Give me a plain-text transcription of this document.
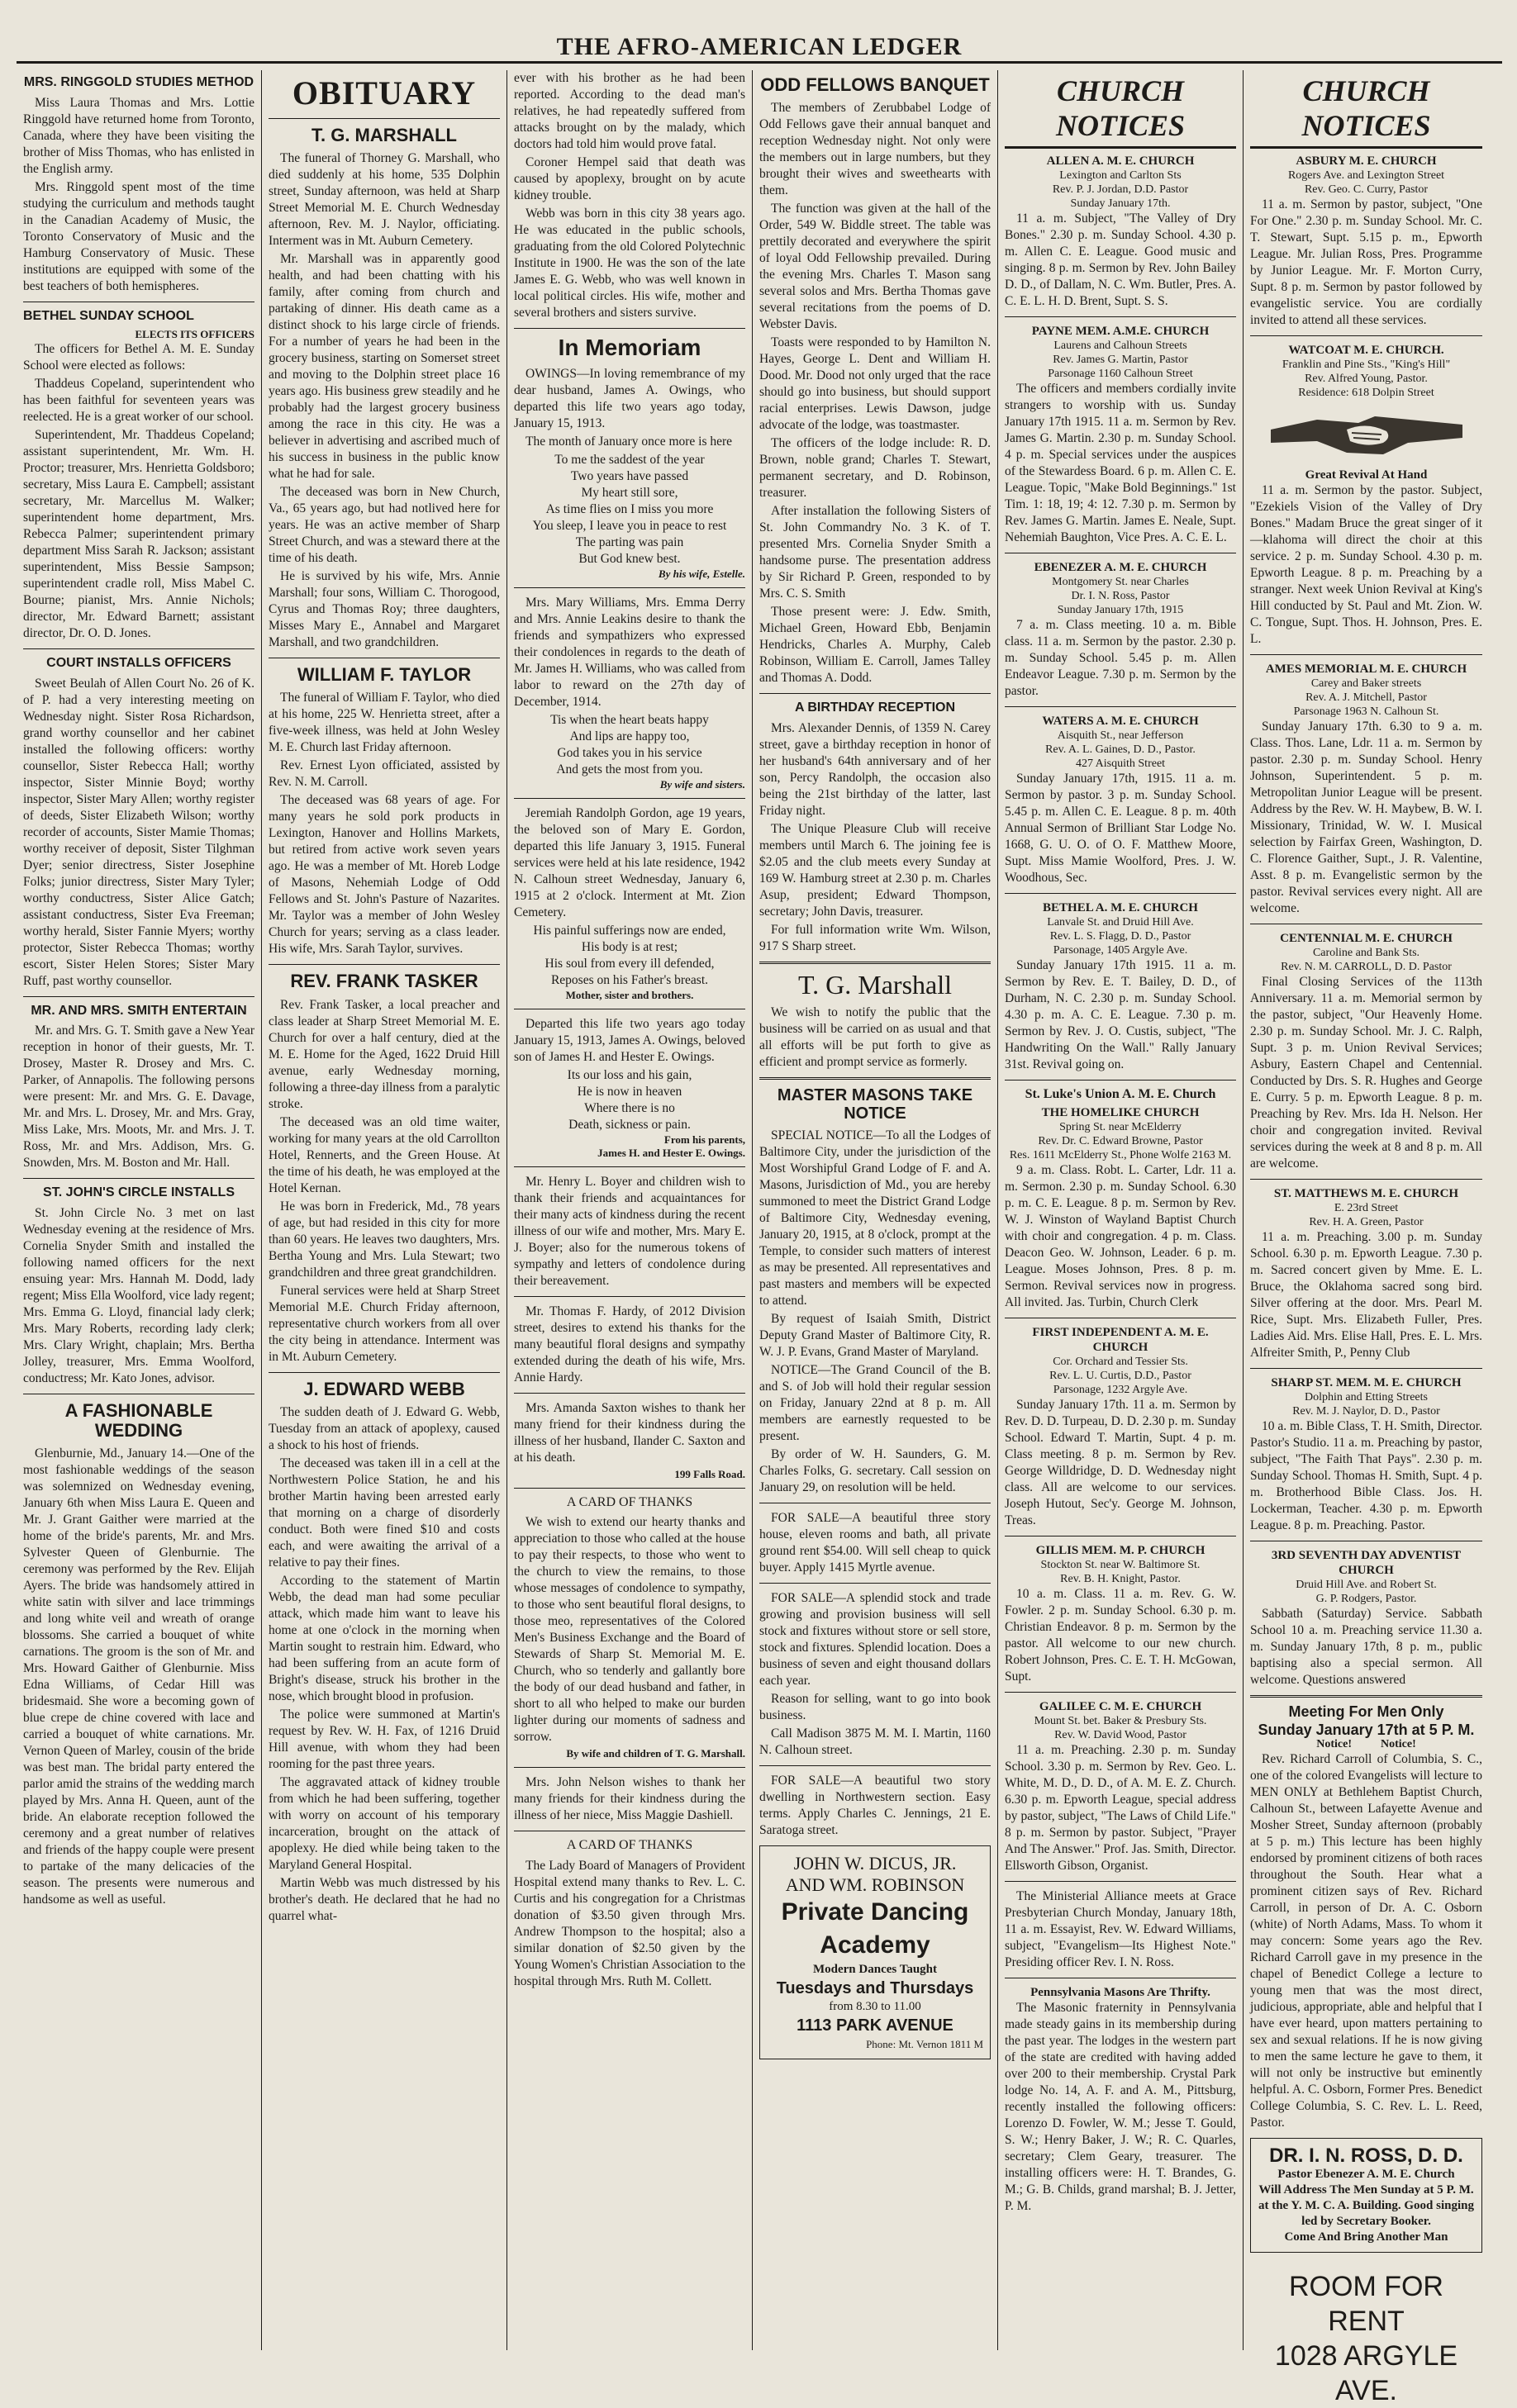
THE AFRO-AMERICAN LEDGER
MRS. RINGGOLD STUDIES METHOD

Miss Laura Thomas and Mrs. Lottie Ringgold have returned home from Toronto, Canada, where they have been visiting the brother of Miss Thomas, who has enlisted in the English army.

Mrs. Ringgold spent most of the time studying the curriculum and methods taught in the Canadian Academy of Music, the Toronto Conservatory of Music and the Hamburg Conservatory of Music. These institutions are equipped with some of the best teachers of both hemispheres.

BETHEL SUNDAY SCHOOL
ELECTS ITS OFFICERS

The officers for Bethel A. M. E. Sunday School were elected as follows:

Thaddeus Copeland, superintendent who has been faithful for seventeen years was reelected. He is a great worker of our school.

Superintendent, Mr. Thaddeus Copeland; assistant superintendent, Mr. Wm. H. Proctor; treasurer, Mrs. Henrietta Goldsboro; secretary, Miss Laura E. Campbell; assistant secretary, Mr. Marcellus M. Walker; superintendent home department, Mrs. Rebecca Palmer; superintendent primary department Miss Sarah R. Jackson; assistant superintendent, Miss Bessie Sampson; superintendent cradle roll, Miss Mabel C. Bourne; pianist, Mrs. Annie Nichols; director, Mr. Edward Barnett; assistant director, Dr. O. D. Jones.

COURT INSTALLS OFFICERS

Sweet Beulah of Allen Court No. 26 of K. of P. had a very interesting meeting on Wednesday night. Sister Rosa Richardson, grand worthy counsellor and her cabinet installed the following officers: worthy counsellor, Sister Rebecca Hall; worthy inspector, Sister Minnie Boyd; worthy inspector, Sister Mary Allen; worthy register of deeds, Sister Elizabeth Wilson; worthy recorder of accounts, Sister Mamie Thomas; worthy receiver of deposit, Sister Tilghman Dyer; senior directress, Sister Josephine Folks; junior directress, Sister Mary Tyler; worthy conductress, Sister Alice Gatch; assistant conductress, Sister Eva Freeman; worthy herald, Sister Fannie Myers; worthy protector, Sister Rebecca Thomas; worthy escort, Sister Helen Stores; Sister Mary Ruff, past worthy counsellor.

MR. AND MRS. SMITH ENTERTAIN

Mr. and Mrs. G. T. Smith gave a New Year reception in honor of their guests, Mr. T. Drosey, Master R. Drosey and Mrs. C. Parker, of Annapolis. The following persons were present: Mr. and Mrs. G. E. Davage, Mr. and Mrs. L. Drosey, Mr. and Mrs. Gray, Miss Lake, Mrs. Moots, Mr. and Mrs. J. T. Ross, Mr. and Mrs. Addison, Mrs. G. Snowden, Mrs. M. Boston and Mr. Hall.

ST. JOHN'S CIRCLE INSTALLS

St. John Circle No. 3 met on last Wednesday evening at the residence of Mrs. Cornelia Snyder Smith and installed the following named officers for the next ensuing year: Mrs. Hannah M. Dodd, lady regent; Miss Ella Woolford, vice lady regent; Mrs. Emma G. Lloyd, financial lady clerk; Mrs. Mary Roberts, recording lady clerk; Mrs. Clary Wright, chaplain; Mrs. Bertha Jolley, treasurer, Mrs. Emma Woolford, conductress; Mr. Kato Jones, advisor.

A FASHIONABLE WEDDING

Glenburnie, Md., January 14.—One of the most fashionable weddings of the season was solemnized on Wednesday evening, January 6th when Miss Laura E. Queen and Mr. J. Grant Gaither were married at the home of the bride's parents, Mr. and Mrs. Sylvester Queen of Glenburnie. The ceremony was performed by the Rev. Elijah Ayers. The bride was handsomely attired in white satin with silver and lace trimmings and long white veil and wreath of orange blossoms. She carried a bouquet of white carnations. The groom is the son of Mr. and Mrs. Howard Gaither of Glenburnie. Miss Edna Williams, of Cedar Hill was bridesmaid. She wore a becoming gown of blue crepe de chine covered with lace and carried a bouquet of white carnations. Mr. Vernon Queen of Marley, cousin of the bride was best man. The bridal party entered the parlor amid the strains of the wedding march played by Mrs. Anna H. Queen, aunt of the bride. An elaborate reception followed the ceremony and a great number of relatives and friends of the happy couple were present to partake of the many delicacies of the season. The presents were numerous and handsome as well as useful.

OBITUARY
T. G. MARSHALL

The funeral of Thorney G. Marshall, who died suddenly at his home, 535 Dolphin street, Sunday afternoon, was held at Sharp Street Memorial M. E. Church Wednesday afternoon, Rev. M. J. Naylor, officiating. Interment was in Mt. Auburn Cemetery.

Mr. Marshall was in apparently good health, and had been chatting with his family, after coming from church and partaking of dinner. His death came as a distinct shock to his large circle of friends. For a number of years he had been in the grocery business, starting on Somerset street and moving to the Dolphin street place 16 years ago. His business grew steadily and he probably had the largest grocery business among the race in this city. He was a believer in advertising and ascribed much of his success in business in the public know what he had for sale.

The deceased was born in New Church, Va., 65 years ago, but had notlived here for years. He was an active member of Sharp Street Church, and was a steward there at the time of his death.

He is survived by his wife, Mrs. Annie Marshall; four sons, William C. Thorogood, Cyrus and Thomas Roy; three daughters, Misses Mary E., Annabel and Margaret Marshall, and two grandchildren.

WILLIAM F. TAYLOR

The funeral of William F. Taylor, who died at his home, 225 W. Henrietta street, after a five-week illness, was held at John Wesley M. E. Church last Friday afternoon.

Rev. Ernest Lyon officiated, assisted by Rev. N. M. Carroll.

The deceased was 68 years of age. For many years he sold pork products in Lexington, Hanover and Hollins Markets, but retired from active work seven years ago. He was a member of Mt. Horeb Lodge of Masons, Nehemiah Lodge of Odd Fellows and St. John's Pasture of Nazarites. Mr. Taylor was a member of John Wesley Church for years; serving as a class leader. His wife, Mrs. Sarah Taylor, survives.

REV. FRANK TASKER

Rev. Frank Tasker, a local preacher and class leader at Sharp Street Memorial M. E. Church for over a half century, died at the M. E. Home for the Aged, 1622 Druid Hill avenue, early Wednesday morning, following a three-day illness from a paralytic stroke.

The deceased was an old time waiter, working for many years at the old Carrollton Hotel, Rennerts, and the Green House. At the time of his death, he was employed at the Hotel Kernan.

He was born in Frederick, Md., 78 years of age, but had resided in this city for more than 60 years. He leaves two daughters, Mrs. Bertha Young and Mrs. Lula Stewart; two grandchildren and three great grandchildren.

Funeral services were held at Sharp Street Memorial M.E. Church Friday afternoon, representative church workers from all over the city being in attendance. Interment was in Mt. Auburn Cemetery.

J. EDWARD WEBB

The sudden death of J. Edward G. Webb, Tuesday from an attack of apoplexy, caused a shock to his host of friends.

The deceased was taken ill in a cell at the Northwestern Police Station, he and his brother Martin having been arrested early that morning on a charge of disorderly conduct. Both were fined $10 and costs each, and were awaiting the arrival of a relative to pay their fines.

According to the statement of Martin Webb, the dead man had some peculiar attack, which made him want to leave his home at one o'clock in the morning when Martin sought to restrain him. Edward, who had been suffering from an acute form of Bright's disease, struck his brother in the nose, which brought blood in profusion.

The police were summoned at Martin's request by Rev. W. H. Fax, of 1216 Druid Hill avenue, with whom they had been rooming for the past three years.

The aggravated attack of kidney trouble from which he had been suffering, together with worry on account of his temporary incarceration, brought on the attack of apoplexy. He died while being taken to the Maryland General Hospital.

Martin Webb was much distressed by his brother's death. He declared that he had no quarrel what-

ever with his brother as he had been reported. According to the dead man's relatives, he had repeatedly suffered from attacks brought on by the malady, which doctors had told him would prove fatal.

Coroner Hempel said that death was caused by apoplexy, brought on by acute kidney trouble.

Webb was born in this city 38 years ago. He was educated in the public schools, graduating from the old Colored Polytechnic Institute in 1900. He was the son of the late James E. G. Webb, who was well known in local political circles. His wife, mother and several brothers and sisters survive.

In Memoriam

OWINGS—In loving remembrance of my dear husband, James A. Owings, who departed this life two years ago today, January 15, 1913.

The month of January once more is here

To me the saddest of the year
Two years have passed
My heart still sore,
As time flies on I miss you more
You sleep, I leave you in peace to rest
The parting was pain
But God knew best.
By his wife, Estelle.

Mrs. Mary Williams, Mrs. Emma Derry and Mrs. Annie Leakins desire to thank the friends and sympathizers who expressed their condolences in regards to the death of Mr. James H. Williams, who was called from labor to reward on the 27th day of December, 1914.

Tis when the heart beats happy
And lips are happy too,
God takes you in his service
And gets the most from you.
By wife and sisters.

Jeremiah Randolph Gordon, age 19 years, the beloved son of Mary E. Gordon, departed this life January 3, 1915. Funeral services were held at his late residence, 1942 N. Calhoun street Wednesday, January 6, 1915 at 2 o'clock. Interment at Mt. Zion Cemetery.

His painful sufferings now are ended,
His body is at rest;
His soul from every ill defended,
Reposes on his Father's breast.
Mother, sister and brothers.

Departed this life two years ago today January 15, 1913, James A. Owings, beloved son of James H. and Hester E. Owings.

Its our loss and his gain,
He is now in heaven
Where there is no
Death, sickness or pain.
From his parents,
James H. and Hester E. Owings.

Mr. Henry L. Boyer and children wish to thank their friends and acquaintances for their many acts of kindness during the recent illness of our wife and mother, Mrs. Mary E. J. Boyer; also for the numerous tokens of sympathy and letters of condolence during their bereavement.

Mr. Thomas F. Hardy, of 2012 Division street, desires to extend his thanks for the many beautiful floral designs and sympathy extended during the death of his wife, Mrs. Annie Hardy.

Mrs. Amanda Saxton wishes to thank her many friend for their kindness during the illness of her husband, Ilander C. Saxton and at his death.

199 Falls Road.
A CARD OF THANKS

We wish to extend our hearty thanks and appreciation to those who called at the house to pay their respects, to those who went to the church to view the remains, to those whose messages of condolence to sympathy, to those who sent beautiful floral designs, to those meo, representatives of the Colored Men's Business Exchange and the Board of Stewards of Sharp St. Memorial M. E. Church, who so tenderly and gallantly bore the body of our dead husband and father, in short to all who helped to make our burden lighter during our moments of sadness and sorrow.

By wife and children of T. G. Marshall.

Mrs. John Nelson wishes to thank her many friends for their kindness during the illness of her niece, Miss Maggie Dashiell.

A CARD OF THANKS

The Lady Board of Managers of Provident Hospital extend many thanks to Rev. L. C. Curtis and his congregation for a Christmas donation of $3.50 given through Mrs. Andrew Thompson to the hospital; also a similar donation of $2.50 given by the Young Women's Christian Association to the hospital through Mrs. Ruth M. Collett.

ODD FELLOWS BANQUET

The members of Zerubbabel Lodge of Odd Fellows gave their annual banquet and reception Wednesday night. Not only were the members out in large numbers, but they brought their wives and sweethearts with them.

The function was given at the hall of the Order, 549 W. Biddle street. The table was prettily decorated and everywhere the spirit of loyal Odd Fellowship prevailed. During the evening Mrs. Charles T. Mason sang several solos and Mrs. Bertha Thomas gave several recitations from the poems of D. Webster Davis.

Toasts were responded to by Hamilton N. Hayes, George L. Dent and William H. Dood. Mr. Dood not only urged that the race should go into business, but should support racial enterprises. Lewis Dawson, judge advocate of the lodge, was toastmaster.

The officers of the lodge include: R. D. Brown, noble grand; Charles T. Stewart, permanent secretary, and D. Robinson, treasurer.

After installation the following Sisters of St. John Commandry No. 3 K. of T. presented Mrs. Cornelia Snyder Smith a handsome purse. The presentation address by Sir Richard P. Green, responded to by Mrs. C. S. Smith

Those present were: J. Edw. Smith, Michael Green, Howard Ebb, Benjamin Hendricks, Charles A. Murphy, Caleb Robinson, William E. Carroll, James Talley and Thomas A. Dodd.

A BIRTHDAY RECEPTION

Mrs. Alexander Dennis, of 1359 N. Carey street, gave a birthday reception in honor of her husband's 64th anniversary and of her son, Percy Randolph, the occasion also being the 21st birthday of the latter, last Friday night.

The Unique Pleasure Club will receive members until March 6. The joining fee is $2.05 and the club meets every Sunday at 169 W. Hamburg street at 2.30 p. m. Charles Asup, president; Edward Thompson, secretary; John Davis, treasurer.

For full information write Wm. Wilson, 917 S Sharp street.

T. G. Marshall

We wish to notify the public that the business will be carried on as usual and that all efforts will be put forth to give as efficient and prompt service as formerly.

MASTER MASONS TAKE NOTICE

SPECIAL NOTICE—To all the Lodges of Baltimore City, under the jurisdiction of the Most Worshipful Grand Lodge of F. and A. Masons, Jurisdiction of Md., you are hereby summoned to meet the District Grand Lodge of Baltimore City, Wednesday evening, January 20, 1915, at 8 o'clock, prompt at the Temple, to consider such matters of interest as may be presented. All representatives and past masters and members will be expected to attend.

By request of Isaiah Smith, District Deputy Grand Master of Baltimore City, R. W. J. P. Evans, Grand Master of Maryland.

NOTICE—The Grand Council of the B. and S. of Job will hold their regular session on Friday, January 22nd at 8 p. m. All members are earnestly requested to be present.

By order of W. H. Saunders, G. M. Charles Folks, G. secretary. Call session on January 29, on resolution will be held.

FOR SALE—A beautiful three story house, eleven rooms and bath, all private ground rent $54.00. Will sell cheap to quick buyer. Apply 1415 Myrtle avenue.

FOR SALE—A splendid stock and trade growing and provision business will sell stock and fixtures without store or sell store, stock and fixtures. Splendid location. Does a business of seven and eight thousand dollars each year.

Reason for selling, want to go into book business.

Call Madison 3875 M. M. I. Martin, 1160 N. Calhoun street.

FOR SALE—A beautiful two story dwelling in Northwestern section. Easy terms. Apply Charles C. Jennings, 21 E. Saratoga street.

JOHN W. DICUS, JR.
AND WM. ROBINSON
Private Dancing Academy
Modern Dances Taught
Tuesdays and Thursdays
from 8.30 to 11.00
1113 PARK AVENUE
Phone: Mt. Vernon 1811 M
CHURCH NOTICES
ALLEN A. M. E. CHURCH
Lexington and Carlton Sts
Rev. P. J. Jordan, D.D. Pastor
Sunday January 17th.

11 a. m. Subject, "The Valley of Dry Bones." 2.30 p. m. Sunday School. 4.30 p. m. Allen C. E. League. Good music and singing. 8 p. m. Sermon by Rev. John Bailey D. D., of Dallam, N. C. Wm. Butler, Pres. A. C. E. L. H. D. Brent, Supt. S. S.

PAYNE MEM. A.M.E. CHURCH
Laurens and Calhoun Streets
Rev. James G. Martin, Pastor
Parsonage 1160 Calhoun Street

The officers and members cordially invite strangers to worship with us. Sunday January 17th 1915. 11 a. m. Sermon by Rev. James G. Martin. 2.30 p. m. Sunday School. 4 p. m. Special services under the auspices of the Stewardess Board. 6 p. m. Allen C. E. League. Topic, "Make Bold Beginnings." 1st Tim. 1: 18, 19; 4: 12. 7.30 p. m. Sermon by Rev. James G. Martin. James E. Neale, Supt. Nehemiah Baughton, Vice Pres. A. C. E. L.

EBENEZER A. M. E. CHURCH
Montgomery St. near Charles
Dr. I. N. Ross, Pastor
Sunday January 17th, 1915

7 a. m. Class meeting. 10 a. m. Bible class. 11 a. m. Sermon by the pastor. 2.30 p. m. Sunday School. 5.45 p. m. Allen Endeavor League. 7.30 p. m. Sermon by the pastor.

WATERS A. M. E. CHURCH
Aisquith St., near Jefferson
Rev. A. L. Gaines, D. D., Pastor.
427 Aisquith Street

Sunday January 17th, 1915. 11 a. m. Sermon by pastor. 3 p. m. Sunday School. 5.45 p. m. Allen C. E. League. 8 p. m. 40th Annual Sermon of Brilliant Star Lodge No. 1668, G. U. O. of O. F. Matthew Moore, Supt. Miss Mamie Woolford, Pres. J. W. Woodhous, Sec.

BETHEL A. M. E. CHURCH
Lanvale St. and Druid Hill Ave.
Rev. L. S. Flagg, D. D., Pastor
Parsonage, 1405 Argyle Ave.

Sunday January 17th 1915. 11 a. m. Sermon by Rev. E. T. Bailey, D. D., of Durham, N. C. 2.30 p. m. Sunday School. 4.30 p. m. A. C. E. League. 7.30 p. m. Sermon by Rev. J. O. Custis, subject, "The Handwriting On the Wall." Rally January 31st. Revival going on.

St. Luke's Union A. M. E. Church
THE HOMELIKE CHURCH
Spring St. near McElderry
Rev. Dr. C. Edward Browne, Pastor
Res. 1611 McElderry St., Phone Wolfe 2163 M.

9 a. m. Class. Robt. L. Carter, Ldr. 11 a. m. Sermon. 2.30 p. m. Sunday School. 6.30 p. m. C. E. League. 8 p. m. Sermon by Rev. W. J. Winston of Wayland Baptist Church with choir and congregation. 4 p. m. Class. Deacon Geo. W. Johnson, Leader. 6 p. m. League. Moses Johnson, Pres. 8 p. m. Sermon. Revival services now in progress. All invited. Jas. Turbin, Church Clerk

FIRST INDEPENDENT A. M. E. CHURCH
Cor. Orchard and Tessier Sts.
Rev. L. U. Curtis, D.D., Pastor
Parsonage, 1232 Argyle Ave.

Sunday January 17th. 11 a. m. Sermon by Rev. D. D. Turpeau, D. D. 2.30 p. m. Sunday School. Edward T. Martin, Supt. 4 p. m. Class meeting. 8 p. m. Sermon by Rev. George Willdridge, D. D. Wednesday night class. All are welcome to our services. Joseph Hutout, Sec'y. George M. Johnson, Treas.

GILLIS MEM. M. P. CHURCH
Stockton St. near W. Baltimore St.
Rev. B. H. Knight, Pastor.

10 a. m. Class. 11 a. m. Rev. G. W. Fowler. 2 p. m. Sunday School. 6.30 p. m. Christian Endeavor. 8 p. m. Sermon by the pastor. All welcome to our new church. Robert Johnson, Pres. C. E. T. H. McGowan, Supt.

GALILEE C. M. E. CHURCH
Mount St. bet. Baker & Presbury Sts.
Rev. W. David Wood, Pastor

11 a. m. Preaching. 2.30 p. m. Sunday School. 3.30 p. m. Sermon by Rev. Geo. L. White, M. D., D. D., of A. M. E. Z. Church. 6.30 p. m. Epworth League, special address by pastor, subject, "The Laws of Child Life." 8 p. m. Sermon by pastor. Subject, "Prayer And The Answer." Prof. Jas. Smith, Director. Ellsworth Gibson, Organist.

The Ministerial Alliance meets at Grace Presbyterian Church Monday, January 18th, 11 a. m. Essayist, Rev. W. Edward Williams, subject, "Evangelism—Its Highest Note." Presiding officer Rev. I. N. Ross.

Pennsylvania Masons Are Thrifty.

The Masonic fraternity in Pennsylvania made steady gains in its membership during the past year. The lodges in the western part of the state are credited with having added over 200 to their membership. Crystal Park lodge No. 14, A. F. and A. M., Pittsburg, recently installed the following officers: Lorenzo D. Fowler, W. M.; Jesse T. Gould, S. W.; Henry Baker, J. W.; R. C. Quarles, secretary; Clem Geary, treasurer. The installing officers were: H. T. Brandes, G. M.; G. B. Childs, grand marshal; B. J. Jetter, P. M.

CHURCH NOTICES
ASBURY M. E. CHURCH
Rogers Ave. and Lexington Street
Rev. Geo. C. Curry, Pastor

11 a. m. Sermon by pastor, subject, "One For One." 2.30 p. m. Sunday School. Mr. C. T. Stewart, Supt. 5.15 p. m., Epworth League. Mr. Julian Ross, Pres. Programme by Junior League. Mr. F. Morton Curry, Supt. 8 p. m. Sermon by pastor followed by evangelistic service. You are cordially invited to attend all these services.

WATCOAT M. E. CHURCH.
Franklin and Pine Sts., "King's Hill"
Rev. Alfred Young, Pastor.
Residence: 618 Dolpin Street
Great Revival At Hand

11 a. m. Sermon by the pastor. Subject, "Ezekiels Vision of the Valley of Dry Bones." Madam Bruce the great singer of it—klahoma will direct the choir at this service. 2 p. m. Sunday School. 4.30 p. m. Epworth League. 8 p. m. Preaching by a stranger. Next week Union Revival at King's Hill conducted by St. Paul and Mt. Zion. W. C. Tongue, Supt. Thos. H. Johnson, Pres. E. L.

AMES MEMORIAL M. E. CHURCH
Carey and Baker streets
Rev. A. J. Mitchell, Pastor
Parsonage 1963 N. Calhoun St.

Sunday January 17th. 6.30 to 9 a. m. Class. Thos. Lane, Ldr. 11 a. m. Sermon by pastor. 2.30 p. m. Sunday School. Henry Johnson, Superintendent. 5 p. m. Metropolitan Junior League will be present. Address by the Rev. W. H. Maybew, B. W. I. Missionary, Trinidad, W. W. I. Musical selection by Fairfax Green, Washington, D. C. Florence Gaither, Supt., J. R. Valentine, Asst. 8 p. m. Evangelistic sermon by the pastor. Revival services every night. All are welcome.

CENTENNIAL M. E. CHURCH
Caroline and Bank Sts.
Rev. N. M. CARROLL, D. D. Pastor

Final Closing Services of the 113th Anniversary. 11 a. m. Memorial sermon by the pastor, subject, "Our Heavenly Home. 2.30 p. m. Sunday School. Mr. J. C. Ralph, Supt. 3 p. m. Union Revival Services; Asbury, Eastern Chapel and Centennial. Conducted by Drs. S. R. Hughes and George E. Curry. 5 p. m. Epworth League. 8 p. m. Preaching by Rev. Mrs. Ida H. Nelson. Her choir and congregation invited. Revival services during the week at 8 and 8 p. m. All are welcome.

ST. MATTHEWS M. E. CHURCH
E. 23rd Street
Rev. H. A. Green, Pastor

11 a. m. Preaching. 3.00 p. m. Sunday School. 6.30 p. m. Epworth League. 7.30 p. m. Sacred concert given by Mme. E. L. Bruce, the Oklahoma sacred song bird. Silver offering at the door. Mrs. Pearl M. Rice, Supt. Mrs. Elizabeth Fuller, Pres. Ladies Aid. Mrs. Elise Hall, Pres. E. L. Mrs. Alfreiter Smith, P., Penny Club

SHARP ST. MEM. M. E. CHURCH
Dolphin and Etting Streets
Rev. M. J. Naylor, D. D., Pastor

10 a. m. Bible Class, T. H. Smith, Director. Pastor's Studio. 11 a. m. Preaching by pastor, subject, "The Faith That Pays". 2.30 p. m. Sunday School. Thomas H. Smith, Supt. 4 p. m. Brotherhood Bible Class. Jos. H. Lockerman, Teacher. 4.30 p. m. Epworth League. 8 p. m. Preaching. Pastor.

3RD SEVENTH DAY ADVENTIST CHURCH
Druid Hill Ave. and Robert St.
G. P. Rodgers, Pastor.

Sabbath (Saturday) Service. Sabbath School 10 a. m. Preaching service 11.30 a. m. Sunday January 17th, 8 p. m., public baptising also a special sermon. All welcome. Questions answered

Meeting For Men Only
Sunday January 17th at 5 P. M.
Notice!          Notice!

Rev. Richard Carroll of Columbia, S. C., one of the colored Evangelists will lecture to MEN ONLY at Bethlehem Baptist Church, Calhoun St., between Lafayette Avenue and Mosher Street, Sunday afternoon (probably at 5 p. m.) This lecture has been highly endorsed by prominent citizens of both races throughout the South. Hear what a prominent citizen says of Rev. Richard Carroll, in person of Dr. A. C. Osborn (white) of North Adams, Mass. To whom it may concern: Some years ago the Rev. Richard Carroll gave in my presence in the chapel of Benedict College a lecture to young men that was the most direct, judicious, appropriate, able and helpful that I have ever heard, upon matters pertaining to sex and sexual relations. If he is now giving to men the same lecture he gave to them, it will not only be instructive but eminently helpful. A. C. Osborn, Former Pres. Benedict College Columbia, S. C. Rev. L. L. Reed, Pastor.

DR. I. N. ROSS, D. D.
Pastor Ebenezer A. M. E. Church
Will Address The Men Sunday at 5 P. M. at the Y. M. C. A. Building. Good singing led by Secretary Booker.
Come And Bring Another Man
ROOM FOR RENT
1028 ARGYLE AVE.
